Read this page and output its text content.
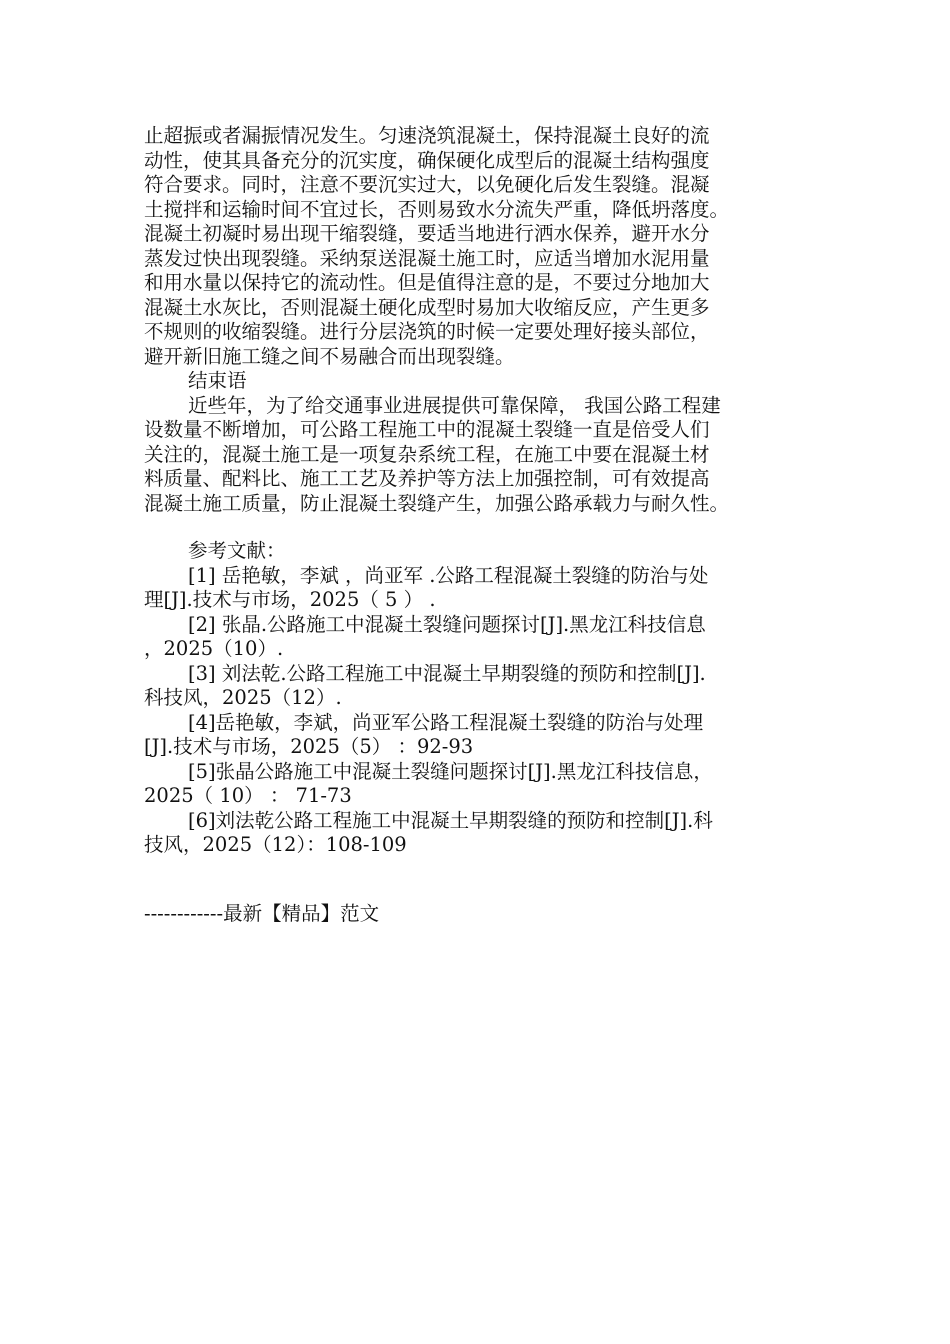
止超振或者漏振情况发生。匀速浇筑混凝土，保持混凝土良好的流
动性，使其具备充分的沉实度，确保硬化成型后的混凝土结构强度
符合要求。同时，注意不要沉实过大，以免硬化后发生裂缝。混凝
土搅拌和运输时间不宜过长，否则易致水分流失严重，降低坍落度。
混凝土初凝时易出现干缩裂缝，要适当地进行洒水保养，避开水分
蒸发过快出现裂缝。采纳泵送混凝土施工时，应适当增加水泥用量
和用水量以保持它的流动性。但是值得注意的是，不要过分地加大
混凝土水灰比，否则混凝土硬化成型时易加大收缩反应，产生更多
不规则的收缩裂缝。进行分层浇筑的时候一定要处理好接头部位，
避开新旧施工缝之间不易融合而出现裂缝。
结束语
近些年，为了给交通事业进展提供可靠保障， 我国公路工程建
设数量不断增加，可公路工程施工中的混凝土裂缝一直是倍受人们
关注的，混凝土施工是一项复杂系统工程，在施工中要在混凝土材
料质量、配料比、施工工艺及养护等方法上加强控制，可有效提高
混凝土施工质量，防止混凝土裂缝产生，加强公路承载力与耐久性。
参考文献：
[1] 岳艳敏，李斌 ，尚亚军 .公路工程混凝土裂缝的防治与处
理[J].技术与市场，2025（ 5 ） .
[2] 张晶.公路施工中混凝土裂缝问题探讨[J].黑龙江科技信息
，2025（10）.
[3] 刘法乾.公路工程施工中混凝土早期裂缝的预防和控制[J].
科技风，2025（12）.
[4]岳艳敏，李斌，尚亚军公路工程混凝土裂缝的防治与处理
[J].技术与市场，2025（5） ：92-93
[5]张晶公路施工中混凝土裂缝问题探讨[J].黑龙江科技信息，
2025（ 10） ： 71-73
[6]刘法乾公路工程施工中混凝土早期裂缝的预防和控制[J].科
技风，2025（12）：108-109
------------最新【精品】范文
